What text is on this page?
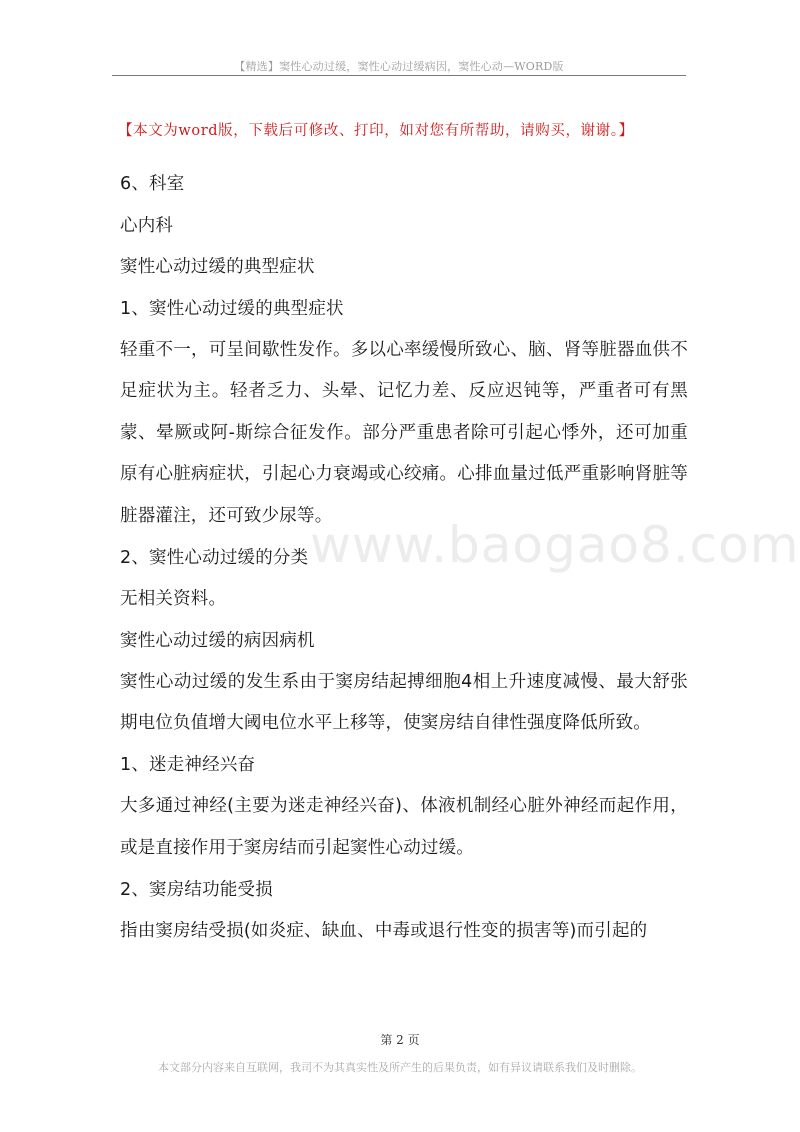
【精选】窦性心动过缓，窦性心动过缓病因，窦性心动—WORD版
【本文为word版，下载后可修改、打印，如对您有所帮助，请购买，谢谢。】
www.baogao8.com
6、科室
心内科
窦性心动过缓的典型症状
1、窦性心动过缓的典型症状
轻重不一，可呈间歇性发作。多以心率缓慢所致心、脑、肾等脏器血供不足症状为主。轻者乏力、头晕、记忆力差、反应迟钝等，严重者可有黑蒙、晕厥或阿-斯综合征发作。部分严重患者除可引起心悸外，还可加重原有心脏病症状，引起心力衰竭或心绞痛。心排血量过低严重影响肾脏等脏器灌注，还可致少尿等。
2、窦性心动过缓的分类
无相关资料。
窦性心动过缓的病因病机
窦性心动过缓的发生系由于窦房结起搏细胞4相上升速度减慢、最大舒张期电位负值增大阈电位水平上移等，使窦房结自律性强度降低所致。
1、迷走神经兴奋
大多通过神经(主要为迷走神经兴奋)、体液机制经心脏外神经而起作用，或是直接作用于窦房结而引起窦性心动过缓。
2、窦房结功能受损
指由窦房结受损(如炎症、缺血、中毒或退行性变的损害等)而引起的
第 2 页
本文部分内容来自互联网，我司不为其真实性及所产生的后果负责，如有异议请联系我们及时删除。
